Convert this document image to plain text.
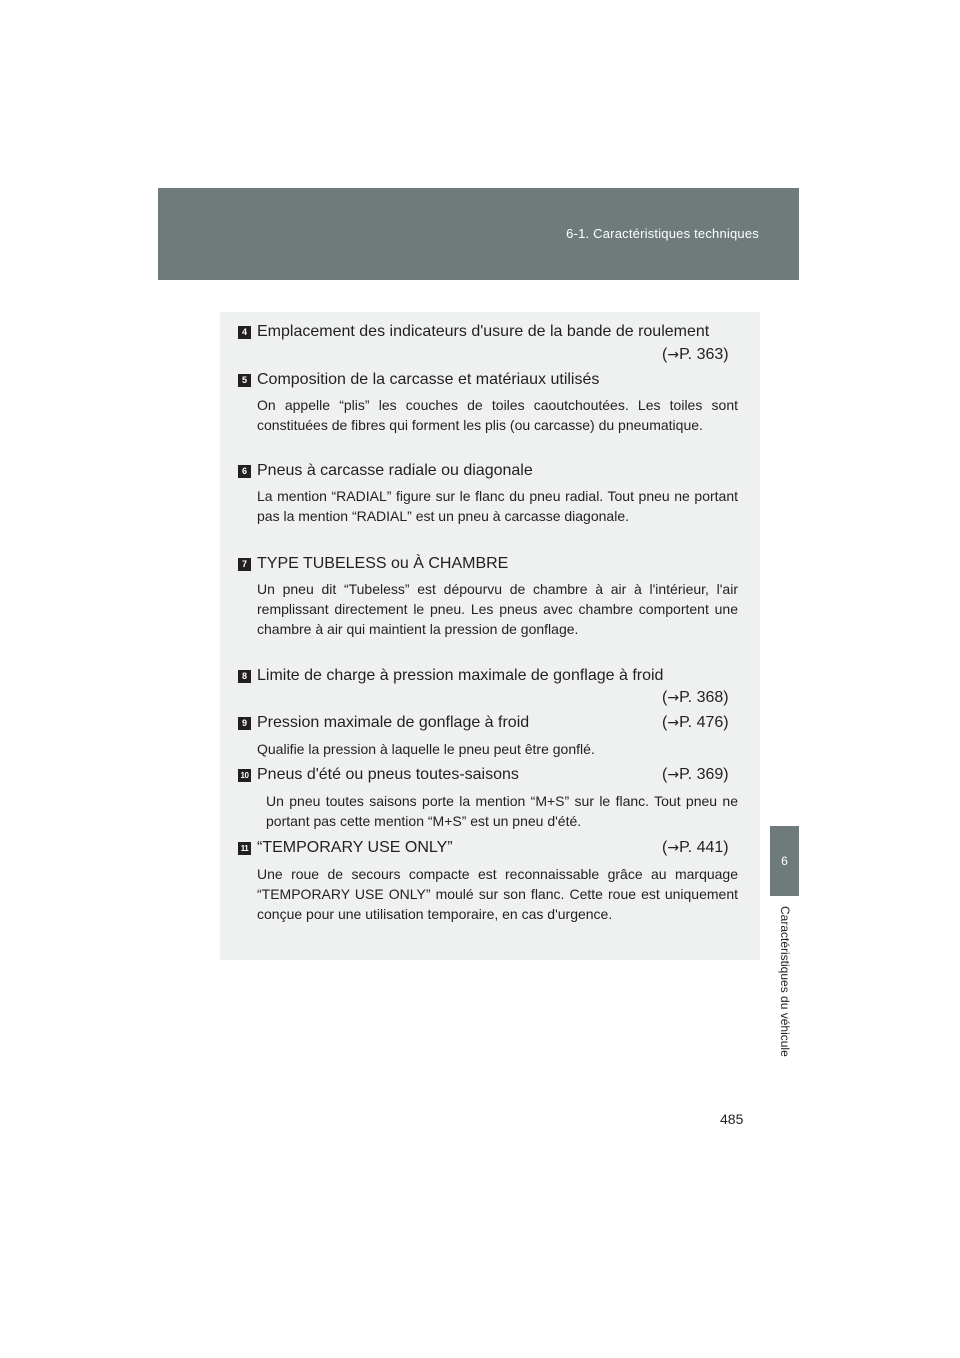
6-1. Caractéristiques techniques
6
Caractéristiques du véhicule
4 Emplacement des indicateurs d'usure de la bande de roulement
(→P. 363)
5 Composition de la carcasse et matériaux utilisés
On appelle “plis” les couches de toiles caoutchoutées. Les toiles sont constituées de fibres qui forment les plis (ou carcasse) du pneumatique.
6 Pneus à carcasse radiale ou diagonale
La mention “RADIAL” figure sur le flanc du pneu radial. Tout pneu ne portant pas la mention “RADIAL” est un pneu à carcasse diagonale.
7 TYPE TUBELESS ou À CHAMBRE
Un pneu dit “Tubeless” est dépourvu de chambre à air à l'intérieur, l'air remplissant directement le pneu. Les pneus avec chambre comportent une chambre à air qui maintient la pression de gonflage.
8 Limite de charge à pression maximale de gonflage à froid
(→P. 368)
9 Pression maximale de gonflage à froid	(→P. 476)
Qualifie la pression à laquelle le pneu peut être gonflé.
10 Pneus d'été ou pneus toutes-saisons	(→P. 369)
Un pneu toutes saisons porte la mention “M+S” sur le flanc. Tout pneu ne portant pas cette mention “M+S” est un pneu d'été.
11 “TEMPORARY USE ONLY”	(→P. 441)
Une roue de secours compacte est reconnaissable grâce au marquage “TEMPORARY USE ONLY” moulé sur son flanc. Cette roue est uniquement conçue pour une utilisation temporaire, en cas d'urgence.
485
